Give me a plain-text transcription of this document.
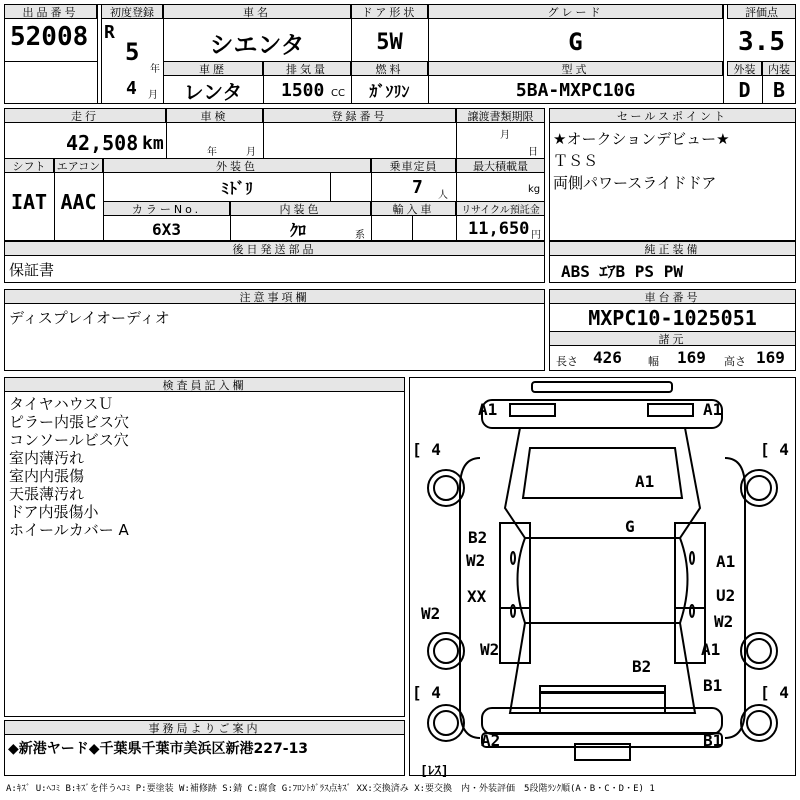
出品番号
52008
初度登録
R
5
年
4 月
車名
シエンタ
ドア形状
5W
グレード
G
評価点
3.5
外装	内装
D	B
車歴
レンタ
排気量
1500 CC
燃料
ｶﾞｿﾘﾝ
型式
5BA-MXPC10G
走行
42,508 km
車検
年	月
登録番号	譲渡書類期限
月
日
シフト
IAT
エアコン
AAC
外装色
ﾐﾄﾞﾘ
乗車定員
7 人
最大積載量
kg
カラーNo.
6X3
内装色
ｸﾛ	系
輸入車	リサイクル預託金
11,650 円
セールスポイント
★オークションデビュー★
ＴＳＳ
両側パワースライドドア
後日発送部品
保証書
純正装備
ABS ｴｱB PS PW
注意事項欄
ディスプレイオーディオ
車台番号
MXPC10-1025051
諸元
長さ 426 幅 169 高さ 169
検査員記入欄
タイヤハウスＵ
ピラー内張ビス穴
コンソールビス穴
室内薄汚れ
室内内張傷
天張薄汚れ
ドア内張傷小
ホイールカバー A
[ 4	[ 4
[ 4	[ 4
[ﾚｽ]
A1	A1
A1
G
B2
W2	A1
XX	U2
W2
W2
W2	A1
B2
B1
A2	B1
事務局よりご案内
◆新港ヤード◆千葉県千葉市美浜区新港227-13
A:ｷｽﾞ U:ﾍｺﾐ B:ｷｽﾞを伴うﾍｺﾐ P:要塗装 W:補修跡 S:錆 C:腐食 G:ﾌﾛﾝﾄｶﾞﾗｽ点ｷｽﾞ XX:交換済み X:要交換　内・外装評価　5段階ﾗﾝｸ順(A・B・C・D・E) 1
